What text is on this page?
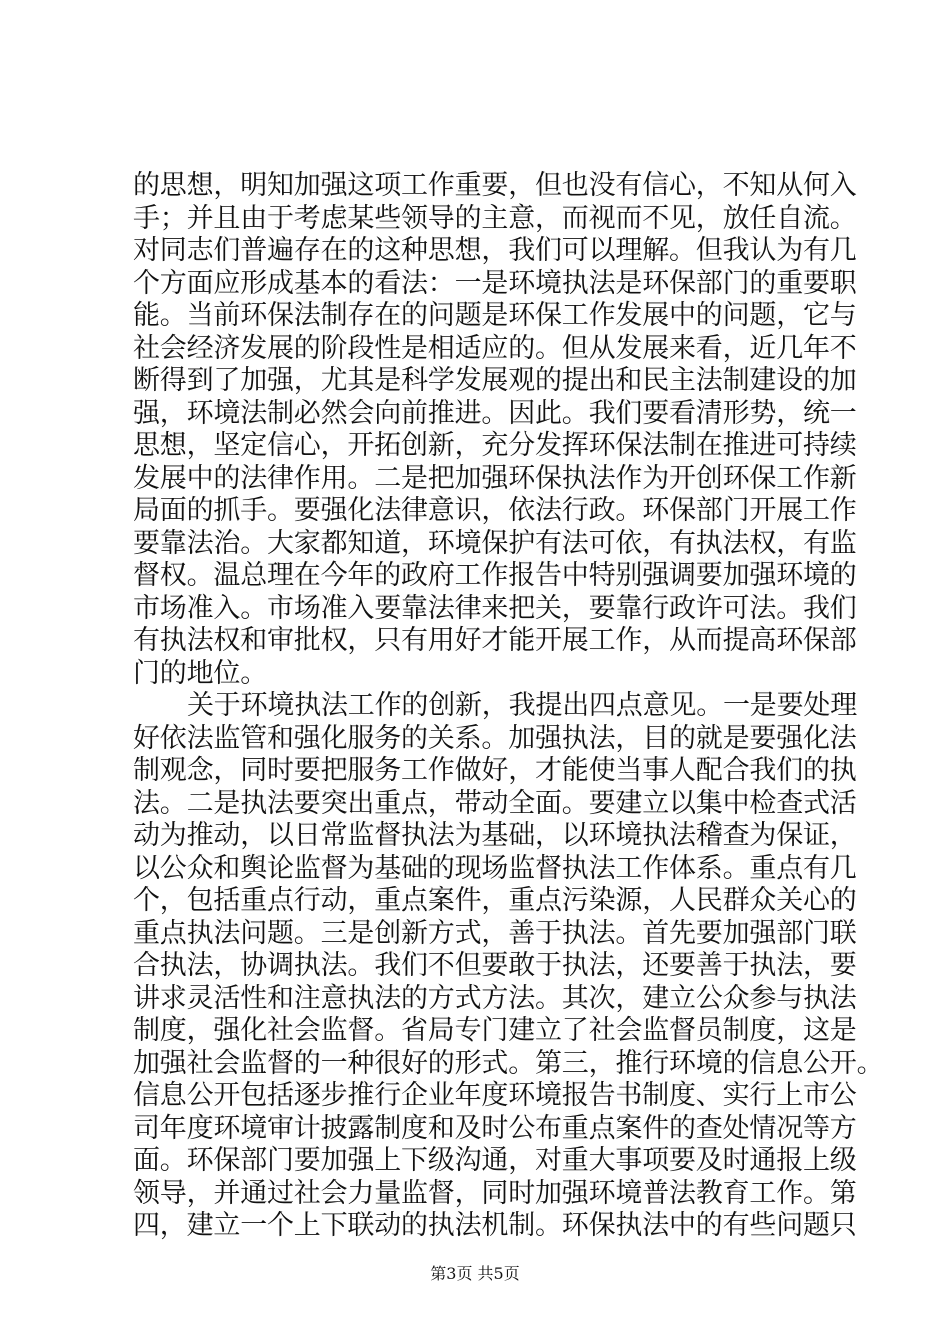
的思想，明知加强这项工作重要，但也没有信心，不知从何入
手；并且由于考虑某些领导的主意，而视而不见，放任自流。
对同志们普遍存在的这种思想，我们可以理解。但我认为有几
个方面应形成基本的看法：一是环境执法是环保部门的重要职
能。当前环保法制存在的问题是环保工作发展中的问题，它与
社会经济发展的阶段性是相适应的。但从发展来看，近几年不
断得到了加强，尤其是科学发展观的提出和民主法制建设的加
强，环境法制必然会向前推进。因此。我们要看清形势，统一
思想，坚定信心，开拓创新，充分发挥环保法制在推进可持续
发展中的法律作用。二是把加强环保执法作为开创环保工作新
局面的抓手。要强化法律意识，依法行政。环保部门开展工作
要靠法治。大家都知道，环境保护有法可依，有执法权，有监
督权。温总理在今年的政府工作报告中特别强调要加强环境的
市场准入。市场准入要靠法律来把关，要靠行政许可法。我们
有执法权和审批权，只有用好才能开展工作，从而提高环保部
门的地位。
关于环境执法工作的创新，我提出四点意见。一是要处理
好依法监管和强化服务的关系。加强执法，目的就是要强化法
制观念，同时要把服务工作做好，才能使当事人配合我们的执
法。二是执法要突出重点，带动全面。要建立以集中检查式活
动为推动，以日常监督执法为基础，以环境执法稽查为保证，
以公众和舆论监督为基础的现场监督执法工作体系。重点有几
个，包括重点行动，重点案件，重点污染源，人民群众关心的
重点执法问题。三是创新方式，善于执法。首先要加强部门联
合执法，协调执法。我们不但要敢于执法，还要善于执法，要
讲求灵活性和注意执法的方式方法。其次，建立公众参与执法
制度，强化社会监督。省局专门建立了社会监督员制度，这是
加强社会监督的一种很好的形式。第三，推行环境的信息公开。
信息公开包括逐步推行企业年度环境报告书制度、实行上市公
司年度环境审计披露制度和及时公布重点案件的查处情况等方
面。环保部门要加强上下级沟通，对重大事项要及时通报上级
领导，并通过社会力量监督，同时加强环境普法教育工作。第
四，建立一个上下联动的执法机制。环保执法中的有些问题只
第3页 共5页
